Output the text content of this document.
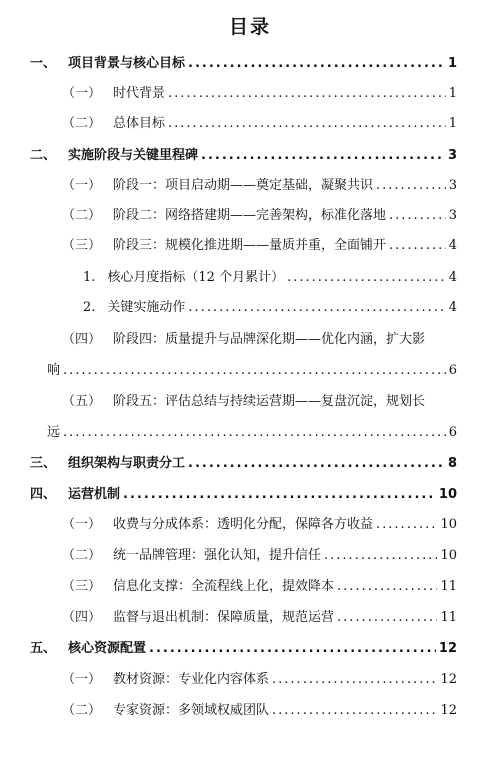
目录
一、 项目背景与核心目标 .....	1
（一） 时代背景 .....	1
（二） 总体目标 .....	1
二、 实施阶段与关键里程碑 .....	3
（一） 阶段一：项目启动期——奠定基础，凝聚共识 .....	3
（二） 阶段二：网络搭建期——完善架构，标准化落地 .....	3
（三） 阶段三：规模化推进期——量质并重，全面铺开 .....	4
1. 核心月度指标（12 个月累计） .....	4
2. 关键实施动作 .....	4
（四） 阶段四：质量提升与品牌深化期——优化内涵，扩大影
响 .....	6
（五） 阶段五：评估总结与持续运营期——复盘沉淀，规划长
远 .....	6
三、 组织架构与职责分工 .....	8
四、 运营机制 .....	10
（一） 收费与分成体系：透明化分配，保障各方收益 .....	10
（二） 统一品牌管理：强化认知，提升信任 .....	10
（三） 信息化支撑：全流程线上化，提效降本 .....	11
（四） 监督与退出机制：保障质量，规范运营 .....	11
五、 核心资源配置 .....	12
（一） 教材资源：专业化内容体系 .....	12
（二） 专家资源：多领域权威团队 .....	12
